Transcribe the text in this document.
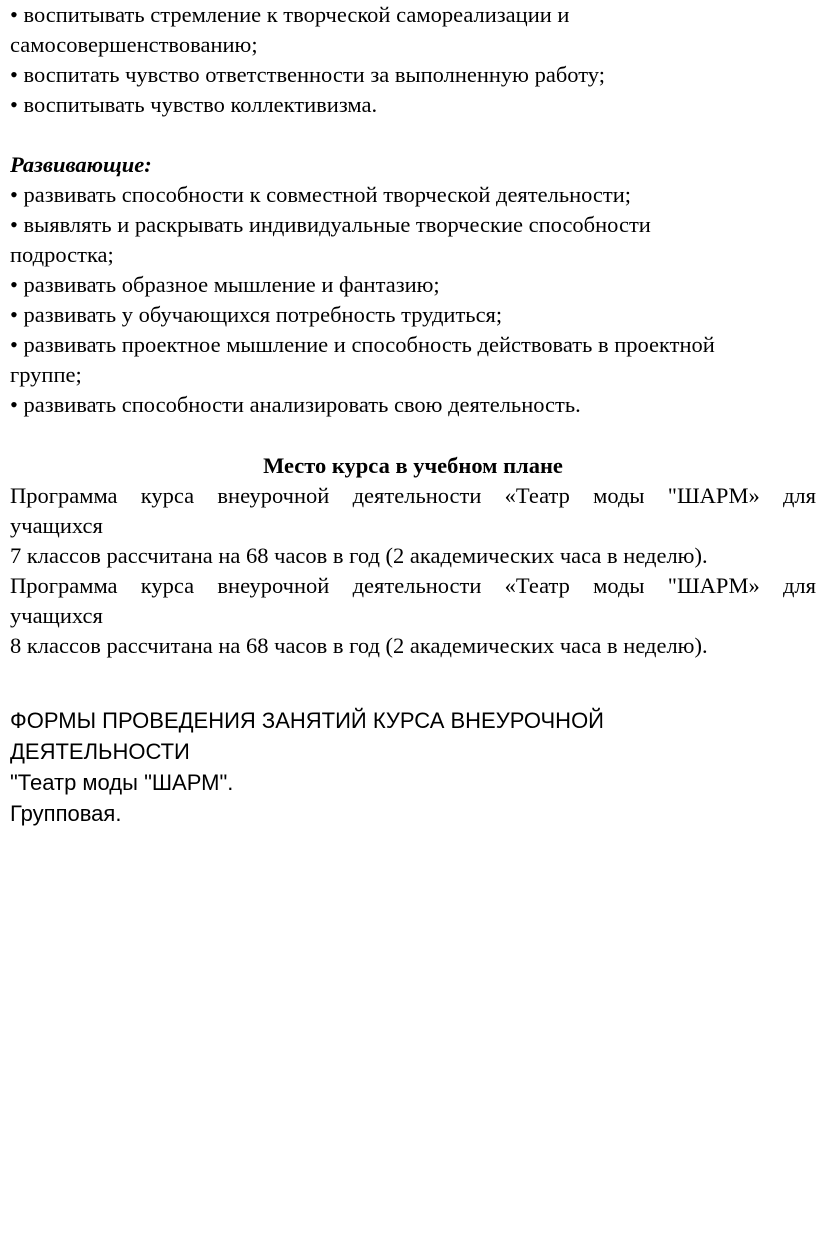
• воспитывать стремление к творческой самореализации и

самосовершенствованию;

• воспитать чувство ответственности за выполненную работу;

• воспитывать чувство коллективизма.

Развивающие:

• развивать способности к совместной творческой деятельности;

• выявлять и раскрывать индивидуальные творческие способности

подростка;

• развивать образное мышление и фантазию;

• развивать у обучающихся потребность трудиться;

• развивать проектное мышление и способность действовать в проектной

группе;

• развивать способности анализировать свою деятельность.

Место курса в учебном плане

Программа курса внеурочной деятельности «Театр моды "ШАРМ» для

учащихся

7 классов рассчитана на 68 часов в год (2 академических часа в неделю).

Программа курса внеурочной деятельности «Театр моды "ШАРМ» для

учащихся

8 классов рассчитана на 68 часов в год (2 академических часа в неделю).

ФОРМЫ ПРОВЕДЕНИЯ ЗАНЯТИЙ КУРСА ВНЕУРОЧНОЙ

ДЕЯТЕЛЬНОСТИ

"Театр моды "ШАРМ".

Групповая.
